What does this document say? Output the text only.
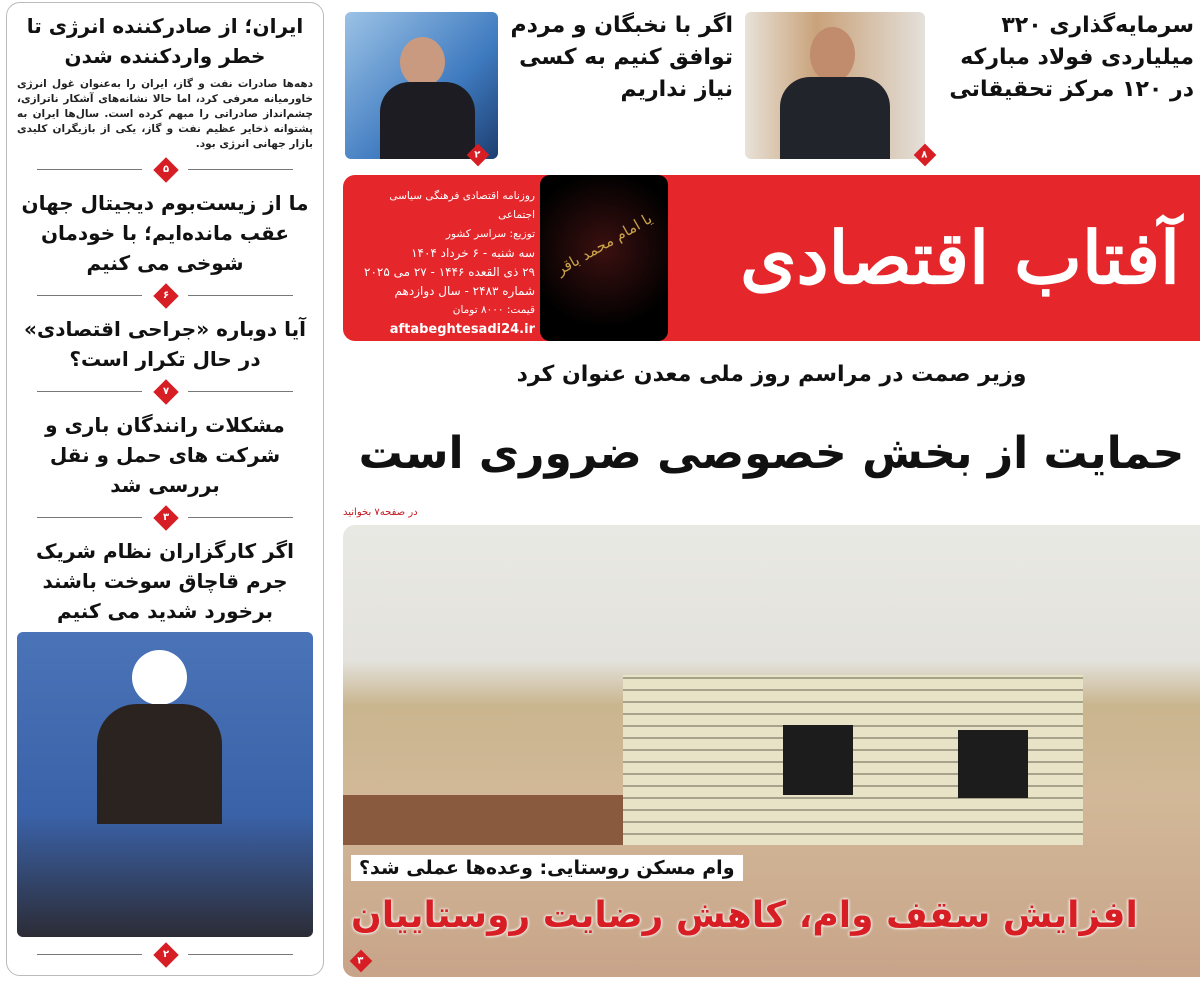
ایران؛ از صادرکننده انرژی تا خطر واردکننده شدن
دهه‌ها صادرات نفت و گاز، ایران را به‌عنوان غول انرژی خاورمیانه معرفی کرد، اما حالا نشانه‌های آشکار ناترازی، چشم‌انداز صادراتی را مبهم کرده است. سال‌ها ایران به پشتوانه ذخایر عظیم نفت و گاز، یکی از بازیگران کلیدی بازار جهانی انرژی بود.
۵
ما از زیست‌بوم دیجیتال جهان عقب مانده‌ایم؛ با خودمان شوخی می کنیم
۶
آیا دوباره «جراحی اقتصادی» در حال تکرار است؟
۷
مشکلات رانندگان باری و شرکت های حمل و نقل بررسی شد
۳
اگر کارگزاران نظام شریک جرم قاچاق سوخت باشند برخورد شدید می کنیم
۲
۲
اگر با نخبگان و مردم توافق کنیم به کسی نیاز نداریم
۸
سرمایه‌گذاری ۳۲۰ میلیاردی فولاد مبارکه در ۱۲۰ مرکز تحقیقاتی
آفتاب اقتصادی
روزنامه اقتصادی فرهنگی سیاسی اجتماعی
توزیع: سراسر کشور
سه شنبه - ۶ خرداد ۱۴۰۴
۲۹ ذی القعده ۱۴۴۶ - ۲۷ می ۲۰۲۵
شماره ۲۴۸۳ - سال دوازدهم
قیمت: ۸۰۰۰ تومان
aftabeghtesadi24.ir
یا امام محمد باقر
وزیر صمت در مراسم روز ملی معدن عنوان کرد
حمایت از بخش خصوصی ضروری است
در صفحه۷ بخوانید
وام مسکن روستایی: وعده‌ها عملی شد؟
افزایش سقف وام، کاهش رضایت روستاییان
۳
